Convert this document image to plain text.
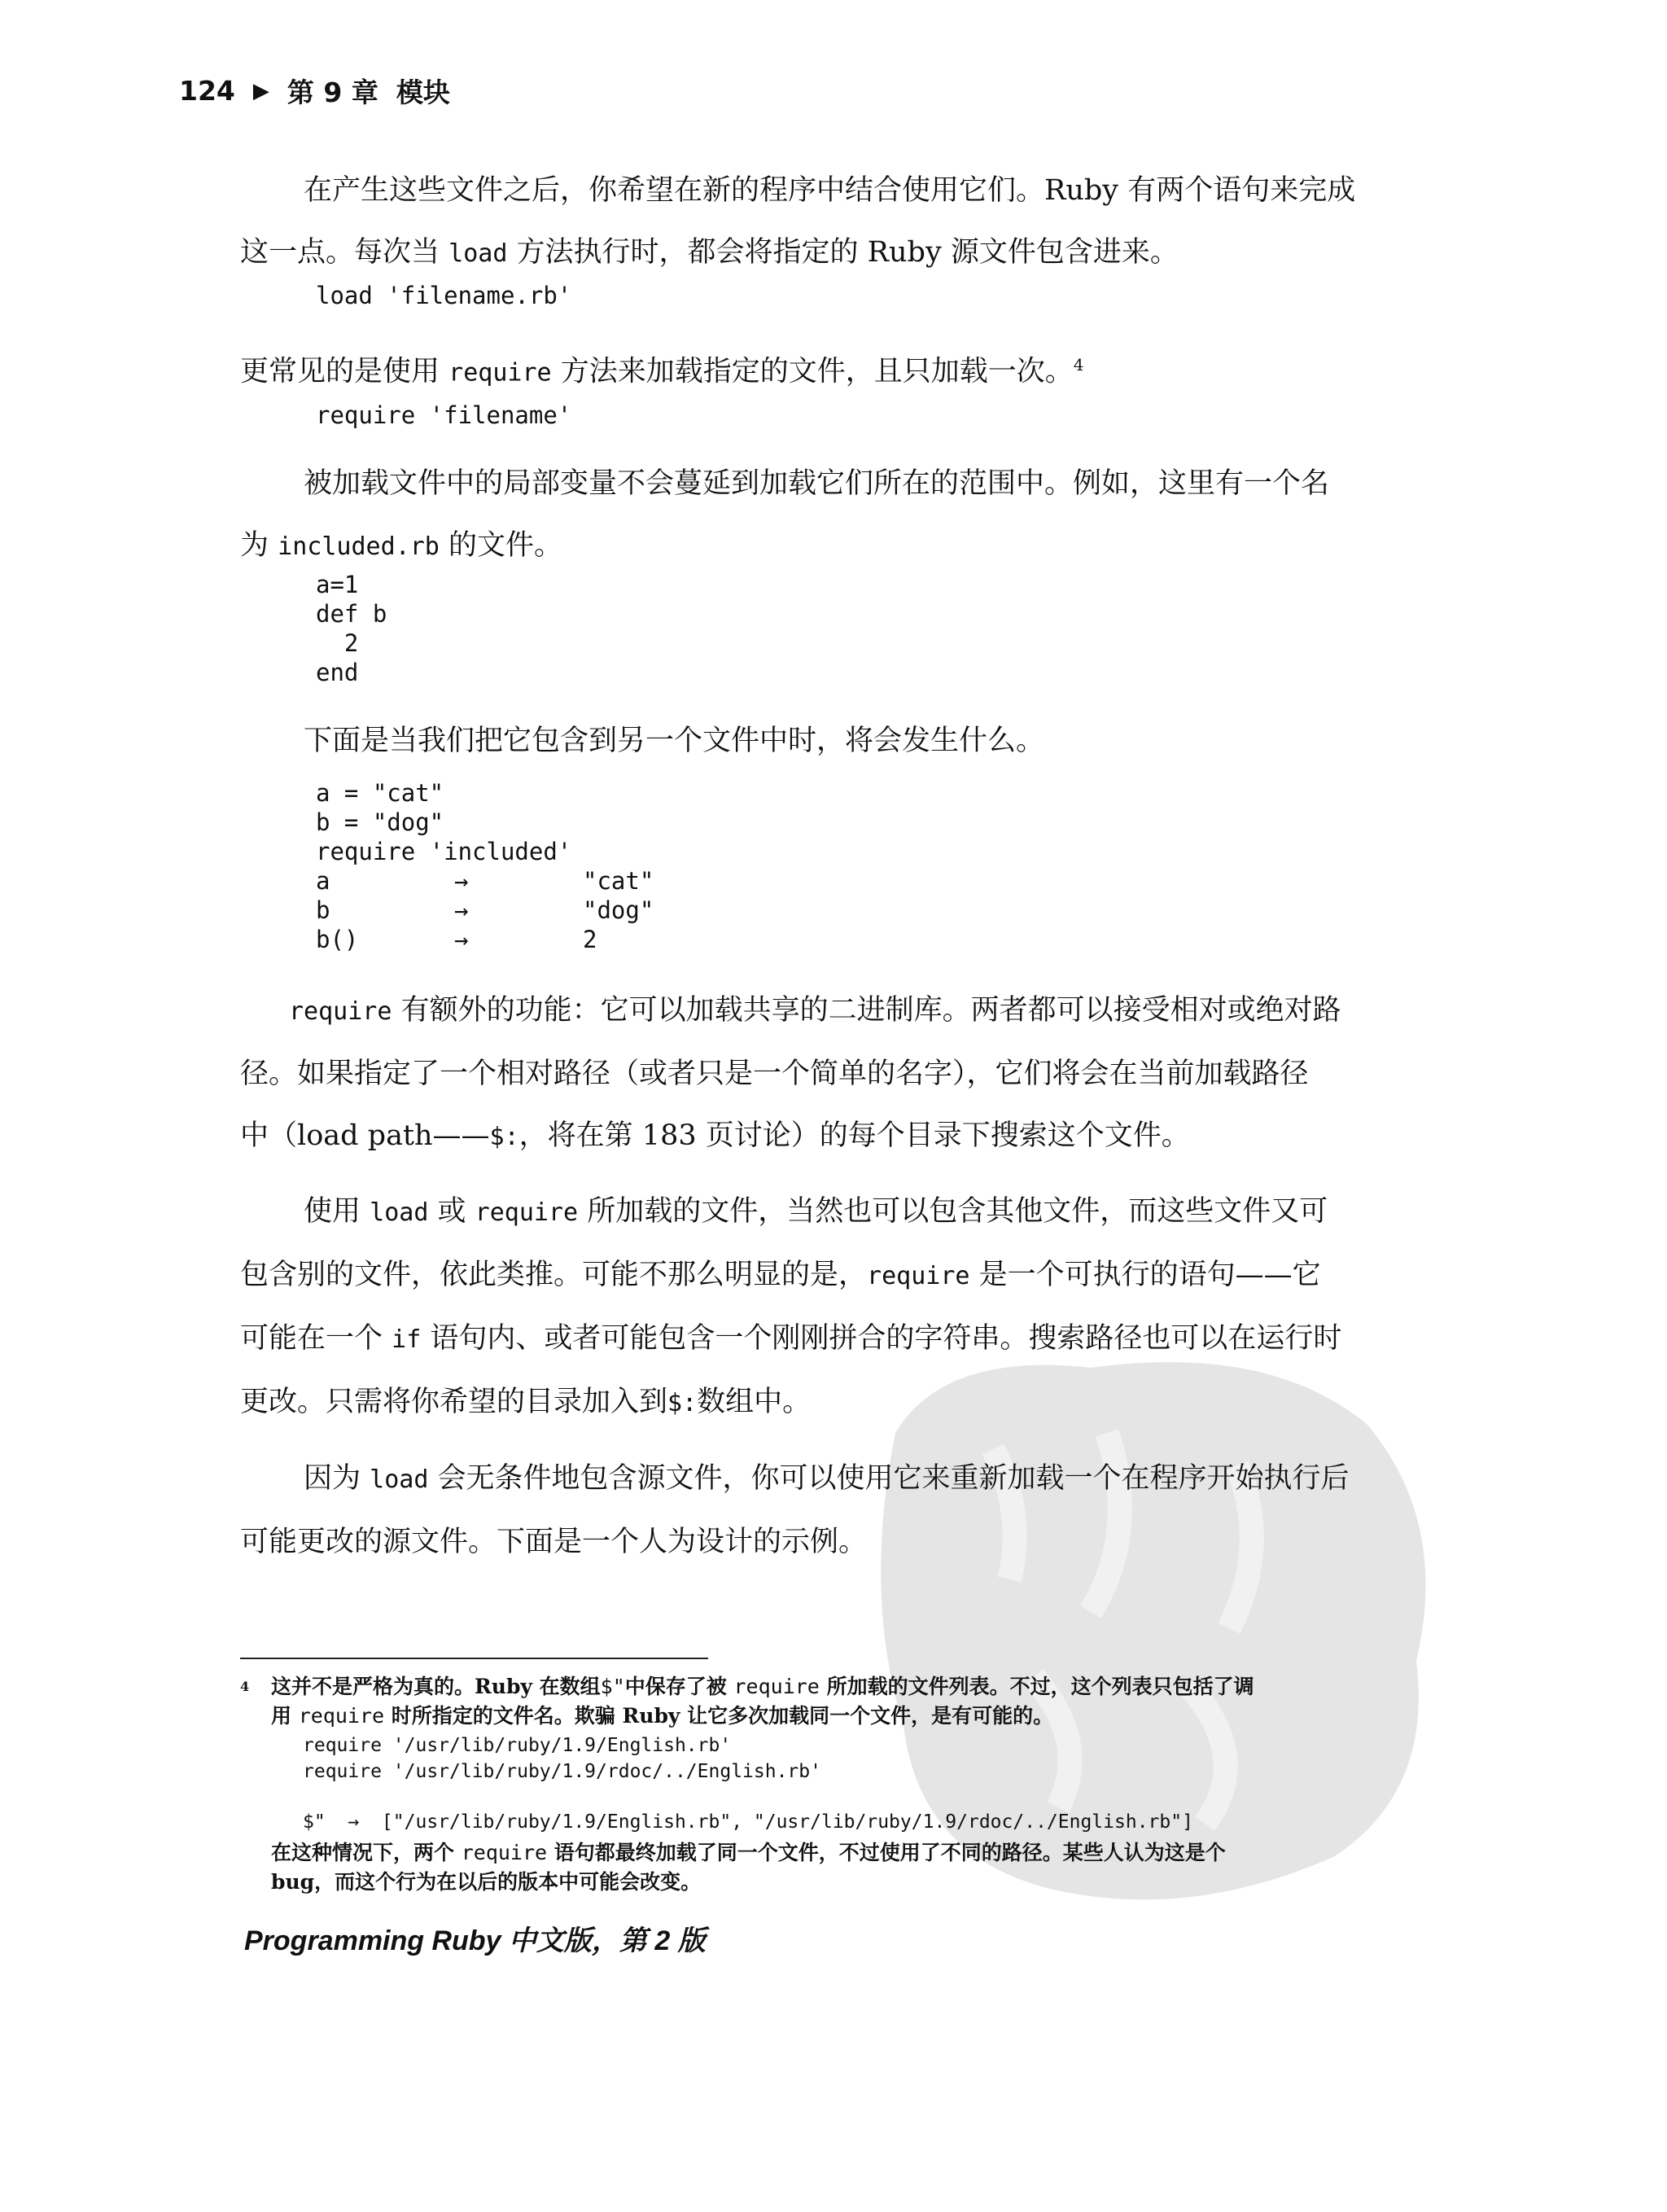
124 ▶ 第 9 章 模块
在产生这些文件之后，你希望在新的程序中结合使用它们。Ruby 有两个语句来完成
这一点。每次当 load 方法执行时，都会将指定的 Ruby 源文件包含进来。
load 'filename.rb'
更常见的是使用 require 方法来加载指定的文件，且只加载一次。$^4$
require 'filename'
被加载文件中的局部变量不会蔓延到加载它们所在的范围中。例如，这里有一个名
为 included.rb 的文件。
a=1
def b
2
end
下面是当我们把它包含到另一个文件中时，将会发生什么。
a = "cat"
b = "dog"
require 'included'
a	→	"cat"
b	→	"dog"
b()	→	2
require 有额外的功能：它可以加载共享的二进制库。两者都可以接受相对或绝对路
径。如果指定了一个相对路径（或者只是一个简单的名字），它们将会在当前加载路径
中（load path——$:，将在第 183 页讨论）的每个目录下搜索这个文件。
使用 load 或 require 所加载的文件，当然也可以包含其他文件，而这些文件又可
包含别的文件，依此类推。可能不那么明显的是，require 是一个可执行的语句——它
可能在一个 if 语句内、或者可能包含一个刚刚拼合的字符串。搜索路径也可以在运行时
更改。只需将你希望的目录加入到$:数组中。
因为 load 会无条件地包含源文件，你可以使用它来重新加载一个在程序开始执行后
可能更改的源文件。下面是一个人为设计的示例。
4 这并不是严格为真的。Ruby 在数组$"中保存了被 require 所加载的文件列表。不过，这个列表只包括了调
用 require 时所指定的文件名。欺骗 Ruby 让它多次加载同一个文件，是有可能的。
require '/usr/lib/ruby/1.9/English.rb'
require '/usr/lib/ruby/1.9/rdoc/../English.rb'
$"  →  ["/usr/lib/ruby/1.9/English.rb", "/usr/lib/ruby/1.9/rdoc/../English.rb"]
在这种情况下，两个 require 语句都最终加载了同一个文件，不过使用了不同的路径。某些人认为这是个
bug，而这个行为在以后的版本中可能会改变。
Programming Ruby 中文版，第 2 版
